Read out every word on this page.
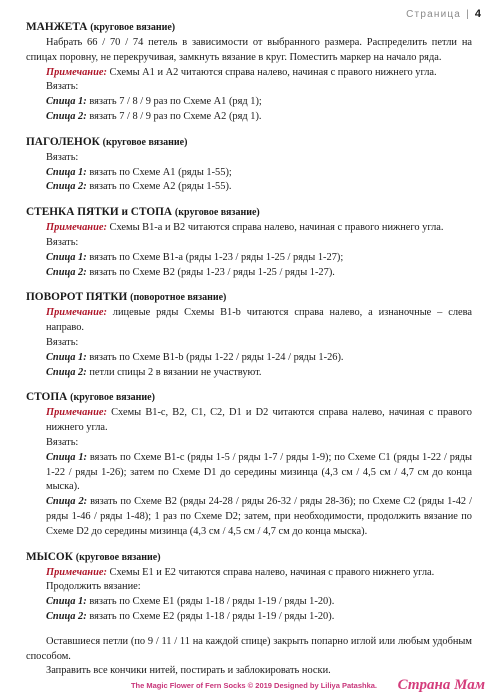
Страница | 4

МАНЖЕТА (круговое вязание)

Набрать 66 / 70 / 74 петель в зависимости от выбранного размера. Распределить петли на спицах поровну, не перекручивая, замкнуть вязание в круг. Поместить маркер на начало ряда.

Примечание: Схемы А1 и А2 читаются справа налево, начиная с правого нижнего угла.

Вязать:

Спица 1: вязать 7 / 8 / 9 раз по Схеме А1 (ряд 1);

Спица 2: вязать 7 / 8 / 9 раз по Схеме А2 (ряд 1).

ПАГОЛЕНОК (круговое вязание)

Вязать:

Спица 1: вязать по Схеме А1 (ряды 1-55);

Спица 2: вязать по Схеме А2 (ряды 1-55).

СТЕНКА ПЯТКИ и СТОПА (круговое вязание)

Примечание: Схемы В1-а и В2 читаются справа налево, начиная с правого нижнего угла.

Вязать:

Спица 1: вязать по Схеме В1-а (ряды 1-23 / ряды 1-25 / ряды 1-27);

Спица 2: вязать по Схеме В2 (ряды 1-23 / ряды 1-25 / ряды 1-27).

ПОВОРОТ ПЯТКИ (поворотное вязание)

Примечание: лицевые ряды Схемы В1-b читаются справа налево, а изнаночные – слева направо.

Вязать:

Спица 1: вязать по Схеме В1-b (ряды 1-22 / ряды 1-24 / ряды 1-26).

Спица 2: петли спицы 2 в вязании не участвуют.

СТОПА (круговое вязание)

Примечание: Схемы В1-с, В2, С1, С2, D1 и D2 читаются справа налево, начиная с правого нижнего угла.

Вязать:

Спица 1: вязать по Схеме В1-с (ряды 1-5 / ряды 1-7 / ряды 1-9); по Схеме С1 (ряды 1-22 / ряды 1-22 / ряды 1-26); затем по Схеме D1 до середины мизинца (4,3 см / 4,5 см / 4,7 см до конца мыска).

Спица 2: вязать по Схеме В2 (ряды 24-28 / ряды 26-32 / ряды 28-36); по Схеме С2 (ряды 1-42 / ряды 1-46 / ряды 1-48); 1 раз по Схеме D2; затем, при необходимости, продолжить вязание по Схеме D2 до середины мизинца (4,3 см / 4,5 см / 4,7 см до конца мыска).

МЫСОК (круговое вязание)

Примечание: Схемы Е1 и Е2 читаются справа налево, начиная с правого нижнего угла.

Продолжить вязание:

Спица 1: вязать по Схеме Е1 (ряды 1-18 / ряды 1-19 / ряды 1-20).

Спица 2: вязать по Схеме Е2 (ряды 1-18 / ряды 1-19 / ряды 1-20).

Оставшиеся петли (по 9 / 11 / 11 на каждой спице) закрыть попарно иглой или любым удобным способом.

Заправить все кончики нитей, постирать и заблокировать носки.

The Magic Flower of Fern Socks © 2019 Designed by Liliya Patashka. Страна Мам
